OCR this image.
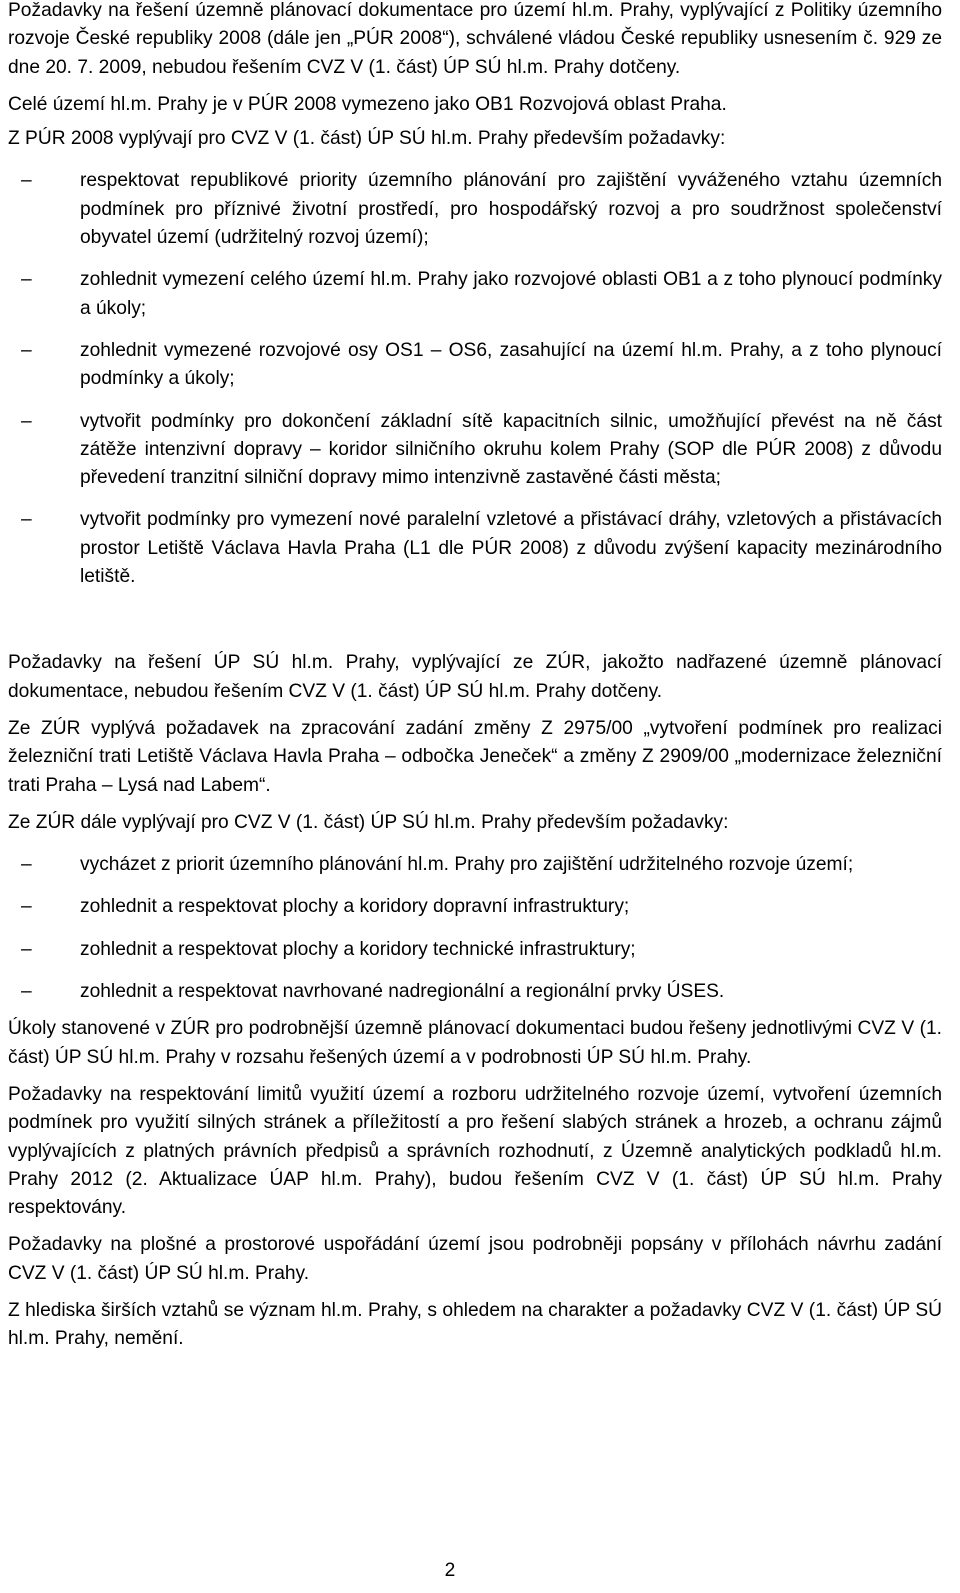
Požadavky na řešení územně plánovací dokumentace pro území hl.m. Prahy, vyplývající z Politiky územního rozvoje České republiky 2008 (dále jen „PÚR 2008“), schválené vládou České republiky usnesením č. 929 ze dne 20. 7. 2009, nebudou řešením CVZ V (1. část) ÚP SÚ hl.m. Prahy dotčeny.

Celé území hl.m. Prahy je v PÚR 2008 vymezeno jako OB1 Rozvojová oblast Praha.

Z PÚR 2008 vyplývají pro CVZ V (1. část) ÚP SÚ hl.m. Prahy především požadavky:

–	respektovat republikové priority územního plánování pro zajištění vyváženého vztahu územních podmínek pro příznivé životní prostředí, pro hospodářský rozvoj a pro soudržnost společenství obyvatel území (udržitelný rozvoj území);
–	zohlednit vymezení celého území hl.m. Prahy jako rozvojové oblasti OB1 a z toho plynoucí podmínky a úkoly;
–	zohlednit vymezené rozvojové osy OS1 – OS6, zasahující na území hl.m. Prahy, a z toho plynoucí podmínky a úkoly;
–	vytvořit podmínky pro dokončení základní sítě kapacitních silnic, umožňující převést na ně část zátěže intenzivní dopravy – koridor silničního okruhu kolem Prahy (SOP dle PÚR 2008) z důvodu převedení tranzitní silniční dopravy mimo intenzivně zastavěné části města;
–	vytvořit podmínky pro vymezení nové paralelní vzletové a přistávací dráhy, vzletových a přistávacích prostor Letiště Václava Havla Praha (L1 dle PÚR 2008) z důvodu zvýšení kapacity mezinárodního letiště.

Požadavky na řešení ÚP SÚ hl.m. Prahy, vyplývající ze ZÚR, jakožto nadřazené územně plánovací dokumentace, nebudou řešením CVZ V (1. část) ÚP SÚ hl.m. Prahy dotčeny.

Ze ZÚR vyplývá požadavek na zpracování zadání změny Z 2975/00 „vytvoření podmínek pro realizaci železniční trati Letiště Václava Havla Praha – odbočka Jeneček“ a změny Z 2909/00 „modernizace železniční trati Praha – Lysá nad Labem“.

Ze ZÚR dále vyplývají pro CVZ V (1. část) ÚP SÚ hl.m. Prahy především požadavky:

–	vycházet z priorit územního plánování hl.m. Prahy pro zajištění udržitelného rozvoje území;
–	zohlednit a respektovat plochy a koridory dopravní infrastruktury;
–	zohlednit a respektovat plochy a koridory technické infrastruktury;
–	zohlednit a respektovat navrhované nadregionální a regionální prvky ÚSES.

Úkoly stanovené v ZÚR pro podrobnější územně plánovací dokumentaci budou řešeny jednotlivými CVZ V (1. část) ÚP SÚ hl.m. Prahy v rozsahu řešených území a v podrobnosti ÚP SÚ hl.m. Prahy.

Požadavky na respektování limitů využití území a rozboru udržitelného rozvoje území, vytvoření územních podmínek pro využití silných stránek a příležitostí a pro řešení slabých stránek a hrozeb, a ochranu zájmů vyplývajících z platných právních předpisů a správních rozhodnutí, z Územně analytických podkladů hl.m. Prahy 2012 (2. Aktualizace ÚAP hl.m. Prahy), budou řešením CVZ V (1. část) ÚP SÚ hl.m. Prahy respektovány.

Požadavky na plošné a prostorové uspořádání území jsou podrobněji popsány v přílohách návrhu zadání CVZ V (1. část) ÚP SÚ hl.m. Prahy.

Z hlediska širších vztahů se význam hl.m. Prahy, s ohledem na charakter a požadavky CVZ V (1. část) ÚP SÚ hl.m. Prahy, nemění.

2
